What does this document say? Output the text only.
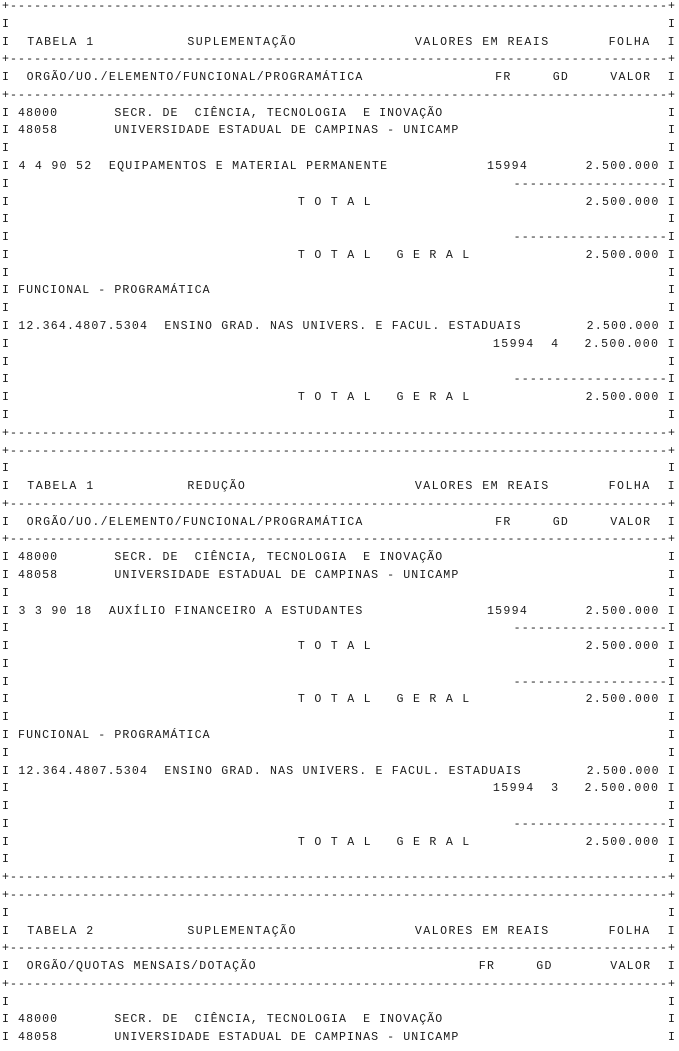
+----------------------------------------------------------------------------------+
I                                                                                  I
I  TABELA 1           SUPLEMENTAÇÃO              VALORES EM REAIS       FOLHA  I
+----------------------------------------------------------------------------------+
I  ORGÃO/UO./ELEMENTO/FUNCIONAL/PROGRAMÁTICA                FR     GD     VALOR  I
+----------------------------------------------------------------------------------+
I 48000       SECR. DE  CIÊNCIA, TECNOLOGIA  E INOVAÇÃO                            I
I 48058       UNIVERSIDADE ESTADUAL DE CAMPINAS - UNICAMP                          I
I                                                                                  I
I 4 4 90 52  EQUIPAMENTOS E MATERIAL PERMANENTE            15994       2.500.000 I
I                                                              -------------------I
I                                   T O T A L                          2.500.000 I
I                                                                                  I
I                                                              -------------------I
I                                   T O T A L   G E R A L              2.500.000 I
I                                                                                  I
I FUNCIONAL - PROGRAMÁTICA                                                         I
I                                                                                  I
I 12.364.4807.5304  ENSINO GRAD. NAS UNIVERS. E FACUL. ESTADUAIS        2.500.000 I
I                                                          15994  4   2.500.000 I
I                                                                                  I
I                                                              -------------------I
I                                   T O T A L   G E R A L              2.500.000 I
I                                                                                  I
+----------------------------------------------------------------------------------+
+----------------------------------------------------------------------------------+
I                                                                                  I
I  TABELA 1           REDUÇÃO                    VALORES EM REAIS       FOLHA  I
+----------------------------------------------------------------------------------+
I  ORGÃO/UO./ELEMENTO/FUNCIONAL/PROGRAMÁTICA                FR     GD     VALOR  I
+----------------------------------------------------------------------------------+
I 48000       SECR. DE  CIÊNCIA, TECNOLOGIA  E INOVAÇÃO                            I
I 48058       UNIVERSIDADE ESTADUAL DE CAMPINAS - UNICAMP                          I
I                                                                                  I
I 3 3 90 18  AUXÍLIO FINANCEIRO A ESTUDANTES               15994       2.500.000 I
I                                                              -------------------I
I                                   T O T A L                          2.500.000 I
I                                                                                  I
I                                                              -------------------I
I                                   T O T A L   G E R A L              2.500.000 I
I                                                                                  I
I FUNCIONAL - PROGRAMÁTICA                                                         I
I                                                                                  I
I 12.364.4807.5304  ENSINO GRAD. NAS UNIVERS. E FACUL. ESTADUAIS        2.500.000 I
I                                                          15994  3   2.500.000 I
I                                                                                  I
I                                                              -------------------I
I                                   T O T A L   G E R A L              2.500.000 I
I                                                                                  I
+----------------------------------------------------------------------------------+
+----------------------------------------------------------------------------------+
I                                                                                  I
I  TABELA 2           SUPLEMENTAÇÃO              VALORES EM REAIS       FOLHA  I
+----------------------------------------------------------------------------------+
I  ORGÃO/QUOTAS MENSAIS/DOTAÇÃO                           FR     GD       VALOR  I
+----------------------------------------------------------------------------------+
I                                                                                  I
I 48000       SECR. DE  CIÊNCIA, TECNOLOGIA  E INOVAÇÃO                            I
I 48058       UNIVERSIDADE ESTADUAL DE CAMPINAS - UNICAMP                          I
